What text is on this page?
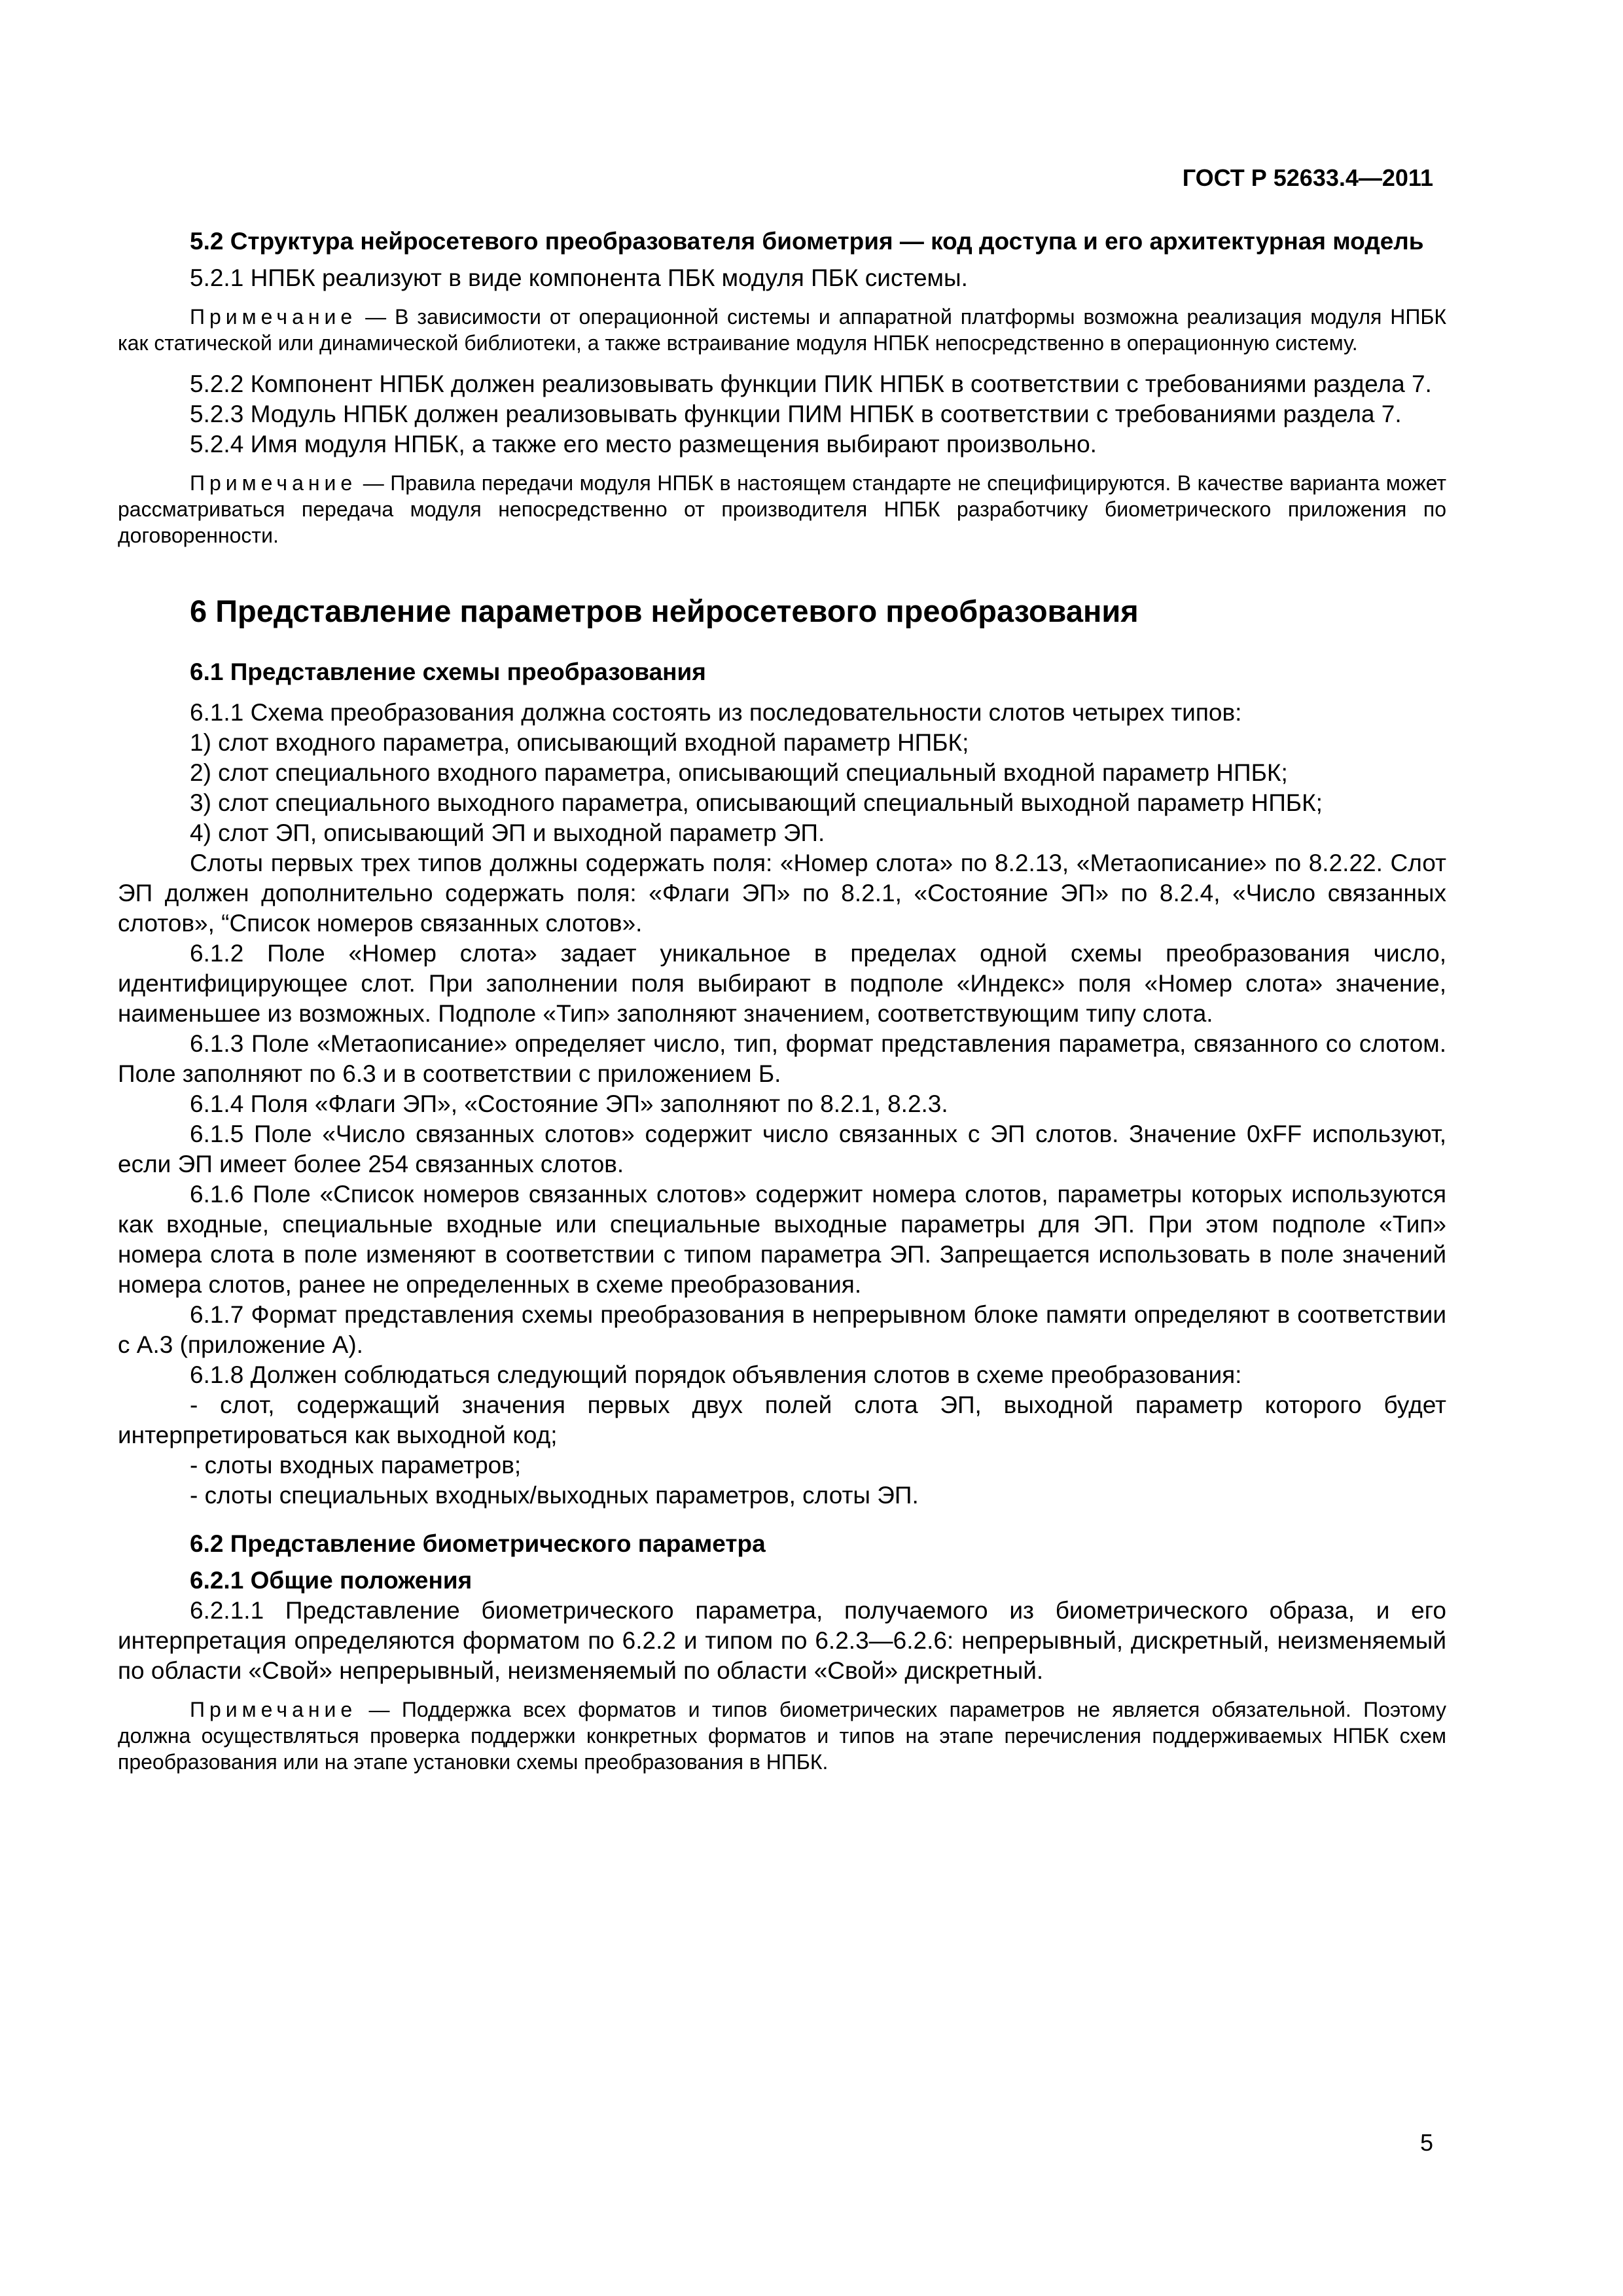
ГОСТ Р 52633.4—2011

5.2 Структура нейросетевого преобразователя биометрия — код доступа и его архитектурная модель

5.2.1 НПБК реализуют в виде компонента ПБК модуля ПБК системы.

Примечание — В зависимости от операционной системы и аппаратной платформы возможна реализация модуля НПБК как статической или динамической библиотеки, а также встраивание модуля НПБК непосредственно в операционную систему.

5.2.2 Компонент НПБК должен реализовывать функции ПИК НПБК в соответствии с требованиями раздела 7.

5.2.3 Модуль НПБК должен реализовывать функции ПИМ НПБК в соответствии с требованиями раздела 7.

5.2.4 Имя модуля НПБК, а также его место размещения выбирают произвольно.

Примечание — Правила передачи модуля НПБК в настоящем стандарте не специфицируются. В качестве варианта может рассматриваться передача модуля непосредственно от производителя НПБК разработчику биометрического приложения по договоренности.

6 Представление параметров нейросетевого преобразования

6.1 Представление схемы преобразования

6.1.1 Схема преобразования должна состоять из последовательности слотов четырех типов:

1) слот входного параметра, описывающий входной параметр НПБК;

2) слот специального входного параметра, описывающий специальный входной параметр НПБК;

3) слот специального выходного параметра, описывающий специальный выходной параметр НПБК;

4) слот ЭП, описывающий ЭП и выходной параметр ЭП.

Слоты первых трех типов должны содержать поля: «Номер слота» по 8.2.13, «Метаописание» по 8.2.22. Слот ЭП должен дополнительно содержать поля: «Флаги ЭП» по 8.2.1, «Состояние ЭП» по 8.2.4, «Число связанных слотов», “Список номеров связанных слотов».

6.1.2 Поле «Номер слота» задает уникальное в пределах одной схемы преобразования число, идентифицирующее слот. При заполнении поля выбирают в подполе «Индекс» поля «Номер слота» значение, наименьшее из возможных. Подполе «Тип» заполняют значением, соответствующим типу слота.

6.1.3 Поле «Метаописание» определяет число, тип, формат представления параметра, связанного со слотом. Поле заполняют по 6.3 и в соответствии с приложением Б.

6.1.4 Поля «Флаги ЭП», «Состояние ЭП» заполняют по 8.2.1, 8.2.3.

6.1.5 Поле «Число связанных слотов» содержит число связанных с ЭП слотов. Значение 0xFF используют, если ЭП имеет более 254 связанных слотов.

6.1.6 Поле «Список номеров связанных слотов» содержит номера слотов, параметры которых используются как входные, специальные входные или специальные выходные параметры для ЭП. При этом подполе «Тип» номера слота в поле изменяют в соответствии с типом параметра ЭП. Запрещается использовать в поле значений номера слотов, ранее не определенных в схеме преобразования.

6.1.7 Формат представления схемы преобразования в непрерывном блоке памяти определяют в соответствии с А.3 (приложение А).

6.1.8 Должен соблюдаться следующий порядок объявления слотов в схеме преобразования:

- слот, содержащий значения первых двух полей слота ЭП, выходной параметр которого будет интерпретироваться как выходной код;

- слоты входных параметров;

- слоты специальных входных/выходных параметров, слоты ЭП.

6.2 Представление биометрического параметра

6.2.1 Общие положения

6.2.1.1 Представление биометрического параметра, получаемого из биометрического образа, и его интерпретация определяются форматом по 6.2.2 и типом по 6.2.3—6.2.6: непрерывный, дискретный, неизменяемый по области «Свой» непрерывный, неизменяемый по области «Свой» дискретный.

Примечание — Поддержка всех форматов и типов биометрических параметров не является обязательной. Поэтому должна осуществляться проверка поддержки конкретных форматов и типов на этапе перечисления поддерживаемых НПБК схем преобразования или на этапе установки схемы преобразования в НПБК.

5
